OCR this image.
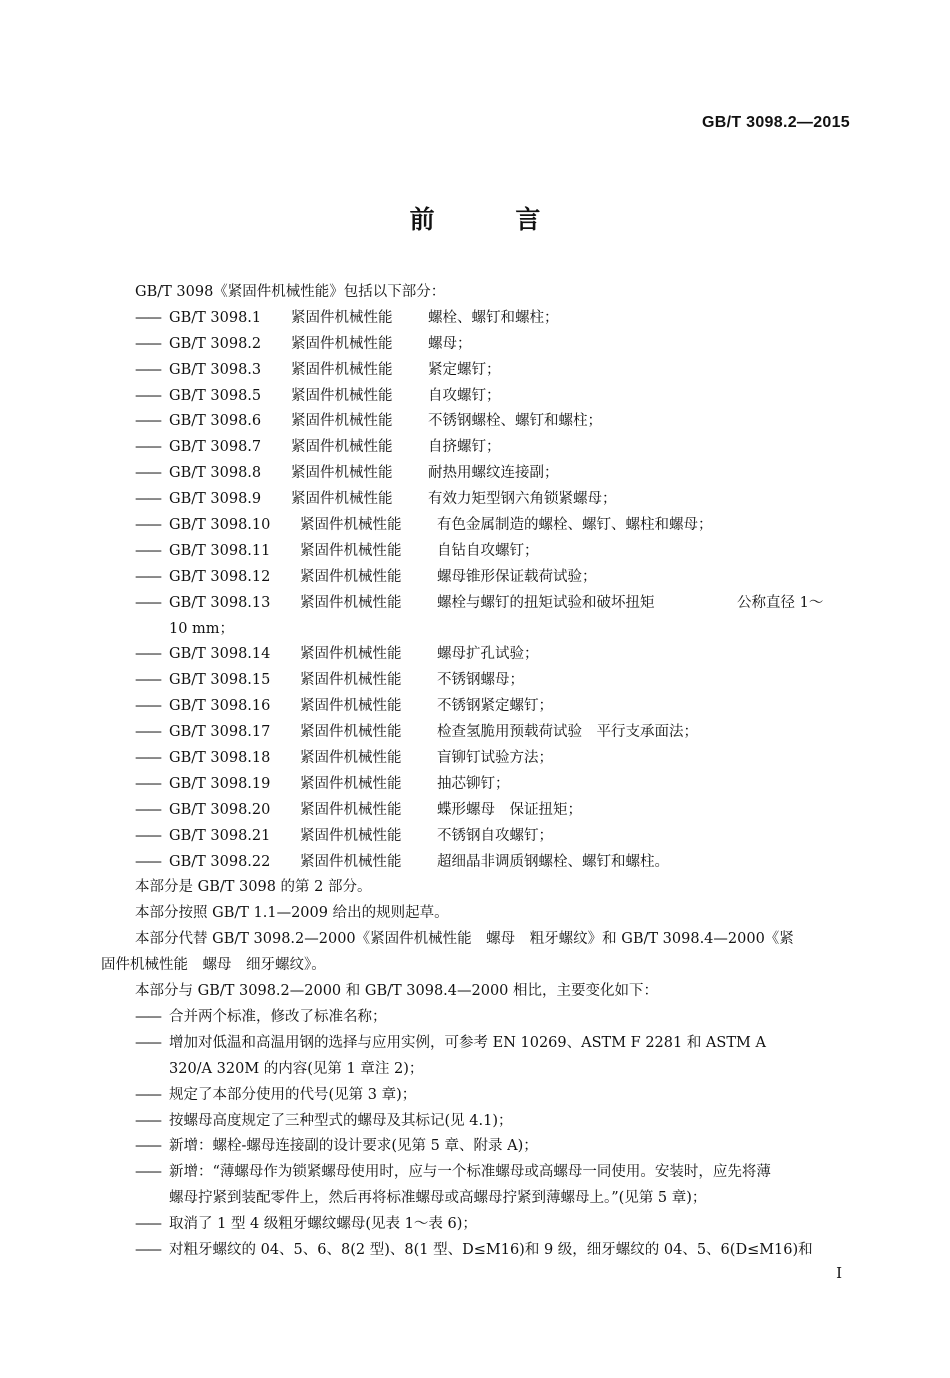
GB/T 3098.2—2015
前 言
GB/T 3098《紧固件机械性能》包括以下部分：
—— GB/T 3098.1	紧固件机械性能	螺栓、螺钉和螺柱；
—— GB/T 3098.2	紧固件机械性能	螺母；
—— GB/T 3098.3	紧固件机械性能	紧定螺钉；
—— GB/T 3098.5	紧固件机械性能	自攻螺钉；
—— GB/T 3098.6	紧固件机械性能	不锈钢螺栓、螺钉和螺柱；
—— GB/T 3098.7	紧固件机械性能	自挤螺钉；
—— GB/T 3098.8	紧固件机械性能	耐热用螺纹连接副；
—— GB/T 3098.9	紧固件机械性能	有效力矩型钢六角锁紧螺母；
—— GB/T 3098.10	紧固件机械性能	有色金属制造的螺栓、螺钉、螺柱和螺母；
—— GB/T 3098.11	紧固件机械性能	自钻自攻螺钉；
—— GB/T 3098.12	紧固件机械性能	螺母锥形保证载荷试验；
—— GB/T 3098.13	紧固件机械性能	螺栓与螺钉的扭矩试验和破坏扭矩	公称直径 1～
10 mm；
—— GB/T 3098.14	紧固件机械性能	螺母扩孔试验；
—— GB/T 3098.15	紧固件机械性能	不锈钢螺母；
—— GB/T 3098.16	紧固件机械性能	不锈钢紧定螺钉；
—— GB/T 3098.17	紧固件机械性能	检查氢脆用预载荷试验　平行支承面法；
—— GB/T 3098.18	紧固件机械性能	盲铆钉试验方法；
—— GB/T 3098.19	紧固件机械性能	抽芯铆钉；
—— GB/T 3098.20	紧固件机械性能	蝶形螺母　保证扭矩；
—— GB/T 3098.21	紧固件机械性能	不锈钢自攻螺钉；
—— GB/T 3098.22	紧固件机械性能	超细晶非调质钢螺栓、螺钉和螺柱。
本部分是 GB/T 3098 的第 2 部分。
本部分按照 GB/T 1.1—2009 给出的规则起草。
本部分代替 GB/T 3098.2—2000《紧固件机械性能　螺母　粗牙螺纹》和 GB/T 3098.4—2000《紧
固件机械性能　螺母　细牙螺纹》。
本部分与 GB/T 3098.2—2000 和 GB/T 3098.4—2000 相比，主要变化如下：
—— 合并两个标准，修改了标准名称；
—— 增加对低温和高温用钢的选择与应用实例，可参考 EN 10269、ASTM F 2281 和 ASTM A
320/A 320M 的内容(见第 1 章注 2)；
—— 规定了本部分使用的代号(见第 3 章)；
—— 按螺母高度规定了三种型式的螺母及其标记(见 4.1)；
—— 新增：螺栓-螺母连接副的设计要求(见第 5 章、附录 A)；
—— 新增：“薄螺母作为锁紧螺母使用时，应与一个标准螺母或高螺母一同使用。安装时，应先将薄
螺母拧紧到装配零件上，然后再将标准螺母或高螺母拧紧到薄螺母上。”(见第 5 章)；
—— 取消了 1 型 4 级粗牙螺纹螺母(见表 1～表 6)；
—— 对粗牙螺纹的 04、5、6、8(2 型)、8(1 型、D≤M16)和 9 级，细牙螺纹的 04、5、6(D≤M16)和
I
